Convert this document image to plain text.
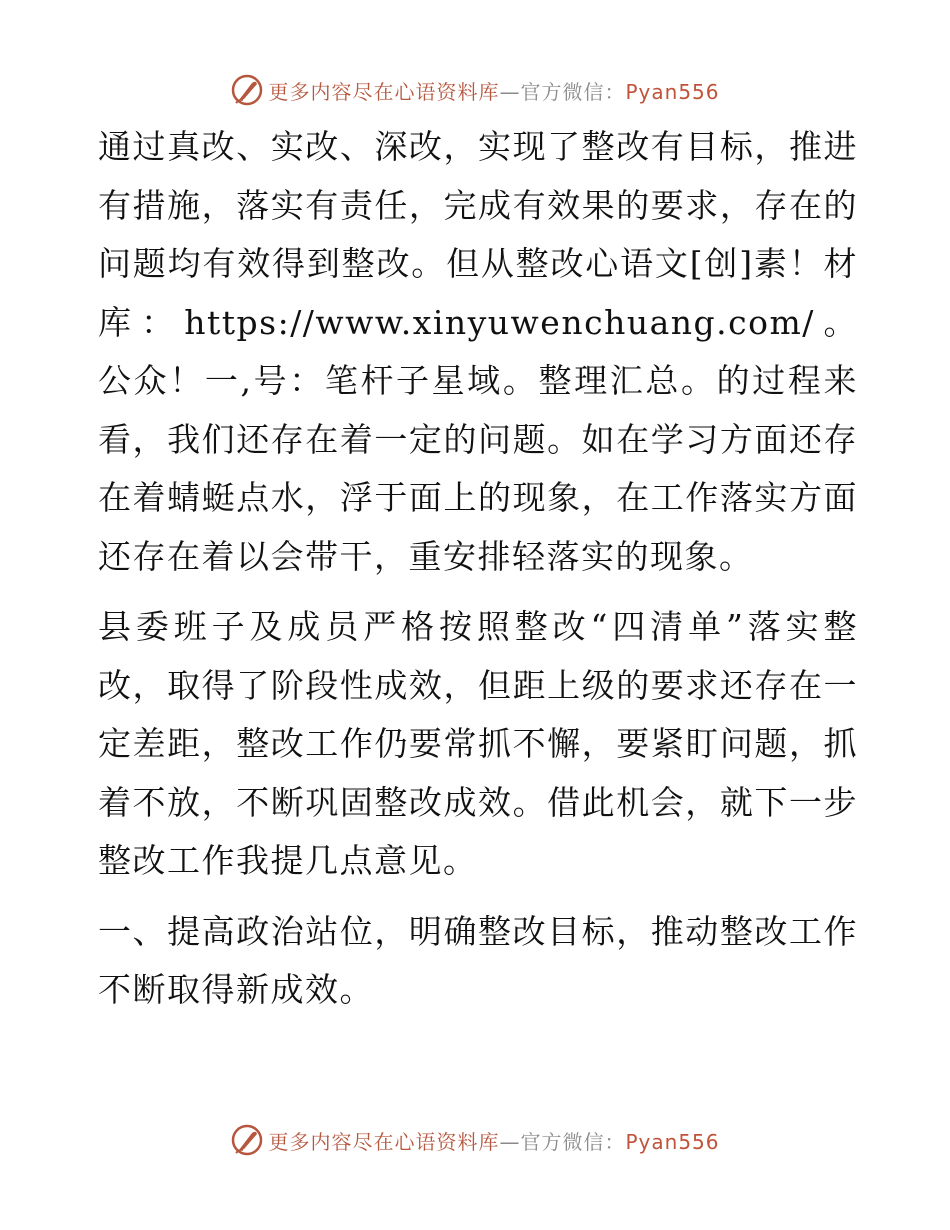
更多内容尽在心语资料库—官方微信：Pyan556

通过真改、实改、深改，实现了整改有目标，推进有措施，落实有责任，完成有效果的要求，存在的问题均有效得到整改。但从整改心语文[创]素！材库：https://www.xinyuwenchuang.com/。公众！一,号：笔杆子星域。整理汇总。的过程来看，我们还存在着一定的问题。如在学习方面还存在着蜻蜓点水，浮于面上的现象，在工作落实方面还存在着以会带干，重安排轻落实的现象。

县委班子及成员严格按照整改“四清单”落实整改，取得了阶段性成效，但距上级的要求还存在一定差距，整改工作仍要常抓不懈，要紧盯问题，抓着不放，不断巩固整改成效。借此机会，就下一步整改工作我提几点意见。

一、提高政治站位，明确整改目标，推动整改工作不断取得新成效。

更多内容尽在心语资料库—官方微信：Pyan556
